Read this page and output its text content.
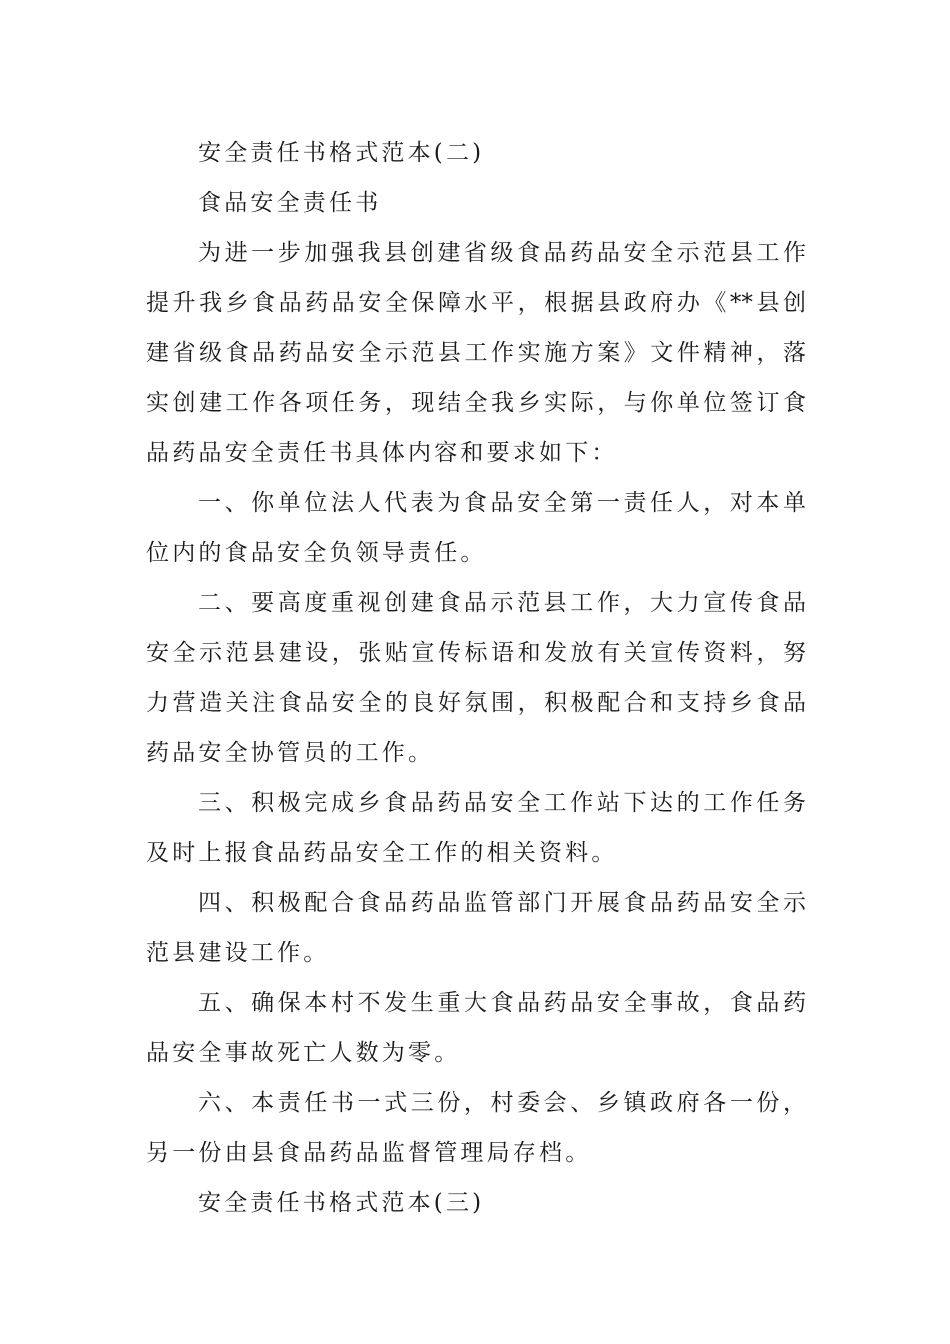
安全责任书格式范本(二)
食品安全责任书
为进一步加强我县创建省级食品药品安全示范县工作
提升我乡食品药品安全保障水平，根据县政府办《**县创
建省级食品药品安全示范县工作实施方案》文件精神，落
实创建工作各项任务，现结全我乡实际，与你单位签订食
品药品安全责任书具体内容和要求如下：
一、你单位法人代表为食品安全第一责任人，对本单
位内的食品安全负领导责任。
二、要高度重视创建食品示范县工作，大力宣传食品
安全示范县建设，张贴宣传标语和发放有关宣传资料，努
力营造关注食品安全的良好氛围，积极配合和支持乡食品
药品安全协管员的工作。
三、积极完成乡食品药品安全工作站下达的工作任务
及时上报食品药品安全工作的相关资料。
四、积极配合食品药品监管部门开展食品药品安全示
范县建设工作。
五、确保本村不发生重大食品药品安全事故，食品药
品安全事故死亡人数为零。
六、本责任书一式三份，村委会、乡镇政府各一份，
另一份由县食品药品监督管理局存档。
安全责任书格式范本(三)
